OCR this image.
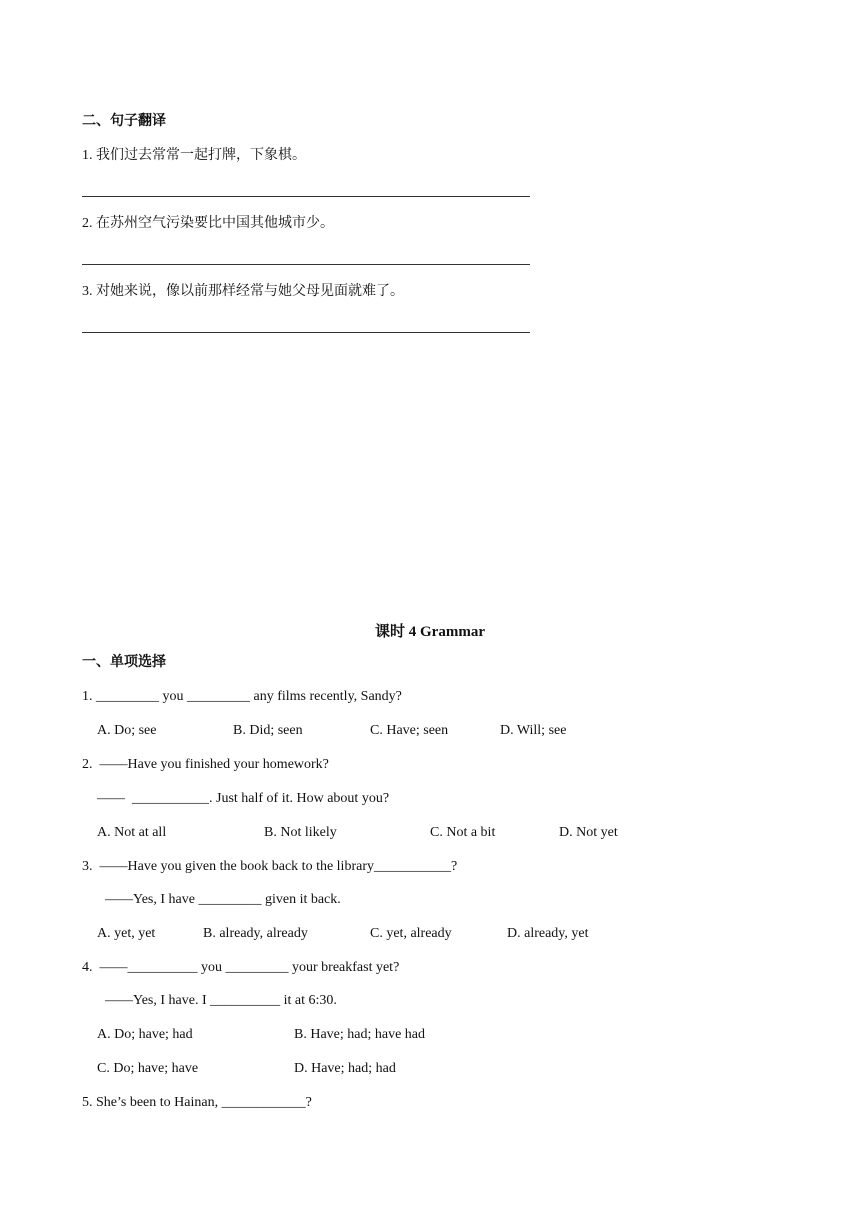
二、句子翻译
1. 我们过去常常一起打牌，下象棋。
2. 在苏州空气污染要比中国其他城市少。
3. 对她来说，像以前那样经常与她父母见面就难了。
课时 4 Grammar
一、单项选择
1. _________ you _________ any films recently, Sandy?
A. Do; see	B. Did; seen	C. Have; seen	D. Will; see
2.  ——Have you finished your homework?
——  ___________. Just half of it. How about you?
A. Not at all	B. Not likely	C. Not a bit	D. Not yet
3.  ——Have you given the book back to the library___________?
——Yes, I have _________ given it back.
A. yet, yet	B. already, already	C. yet, already	D. already, yet
4.  ——__________ you _________ your breakfast yet?
——Yes, I have. I __________ it at 6:30.
A. Do; have; had	B. Have; had; have had
C. Do; have; have	D. Have; had; had
5. She’s been to Hainan, ____________?
